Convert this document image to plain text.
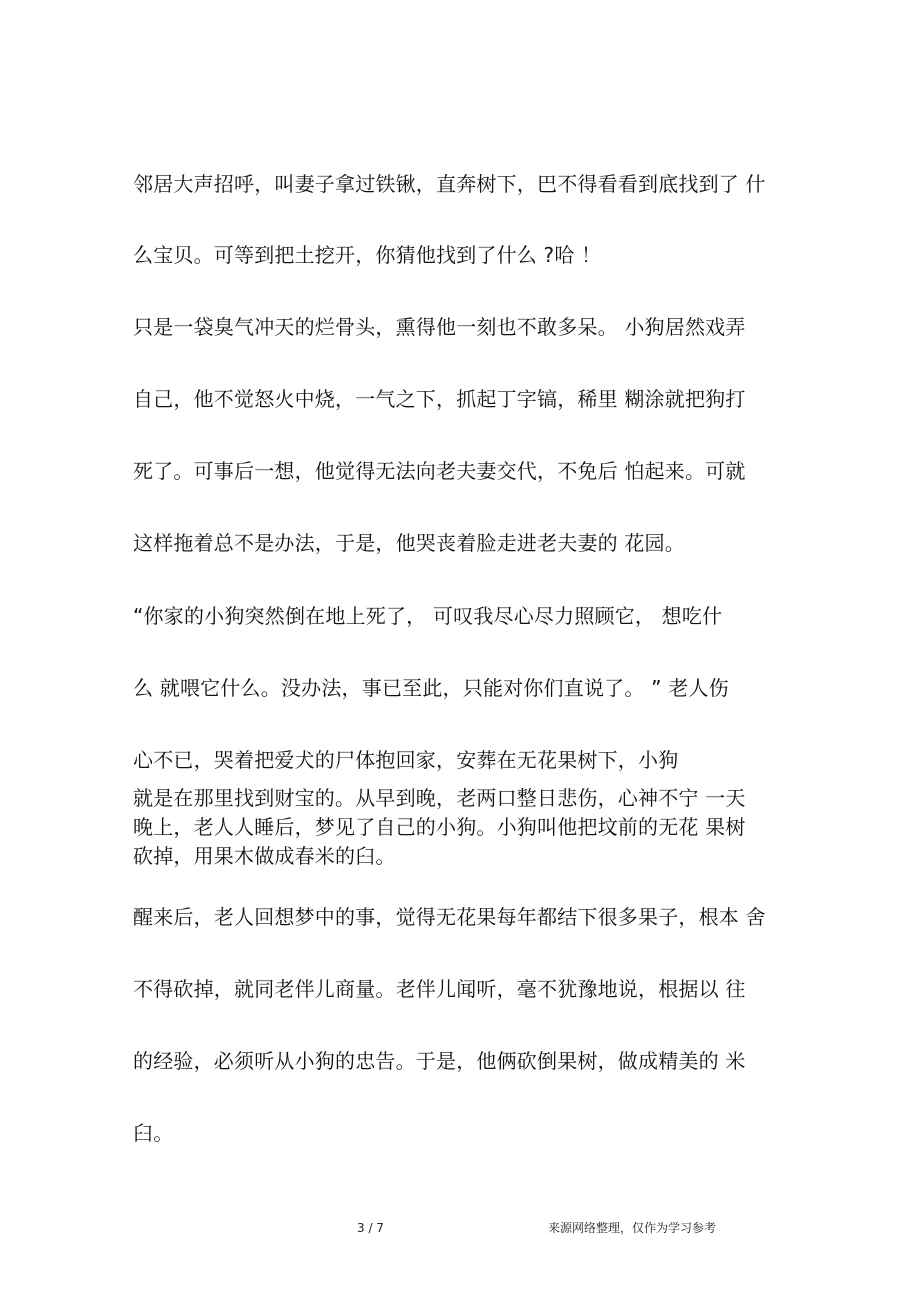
邻居大声招呼，叫妻子拿过铁锹，直奔树下，巴不得看看到底找到了 什
么宝贝。可等到把土挖开，你猜他找到了什么 ?哈 ！
只是一袋臭气冲天的烂骨头，熏得他一刻也不敢多呆。 小狗居然戏弄
自己，他不觉怒火中烧，一气之下，抓起丁字镐，稀里 糊涂就把狗打
死了。可事后一想，他觉得无法向老夫妻交代，不免后 怕起来。可就
这样拖着总不是办法，于是，他哭丧着脸走进老夫妻的 花园。
“你家的小狗突然倒在地上死了， 可叹我尽心尽力照顾它， 想吃什
么 就喂它什么。没办法，事已至此，只能对你们直说了。 ” 老人伤
心不已，哭着把爱犬的尸体抱回家，安葬在无花果树下，小狗
就是在那里找到财宝的。从早到晚，老两口整日悲伤，心神不宁 一天
晚上，老人人睡后，梦见了自己的小狗。小狗叫他把坟前的无花 果树
砍掉，用果木做成春米的臼。
醒来后，老人回想梦中的事，觉得无花果每年都结下很多果子，根本 舍
不得砍掉，就同老伴儿商量。老伴儿闻听，毫不犹豫地说，根据以 往
的经验，必须听从小狗的忠告。于是，他俩砍倒果树，做成精美的 米
臼。
3 / 7	来源网络整理，仅作为学习参考
